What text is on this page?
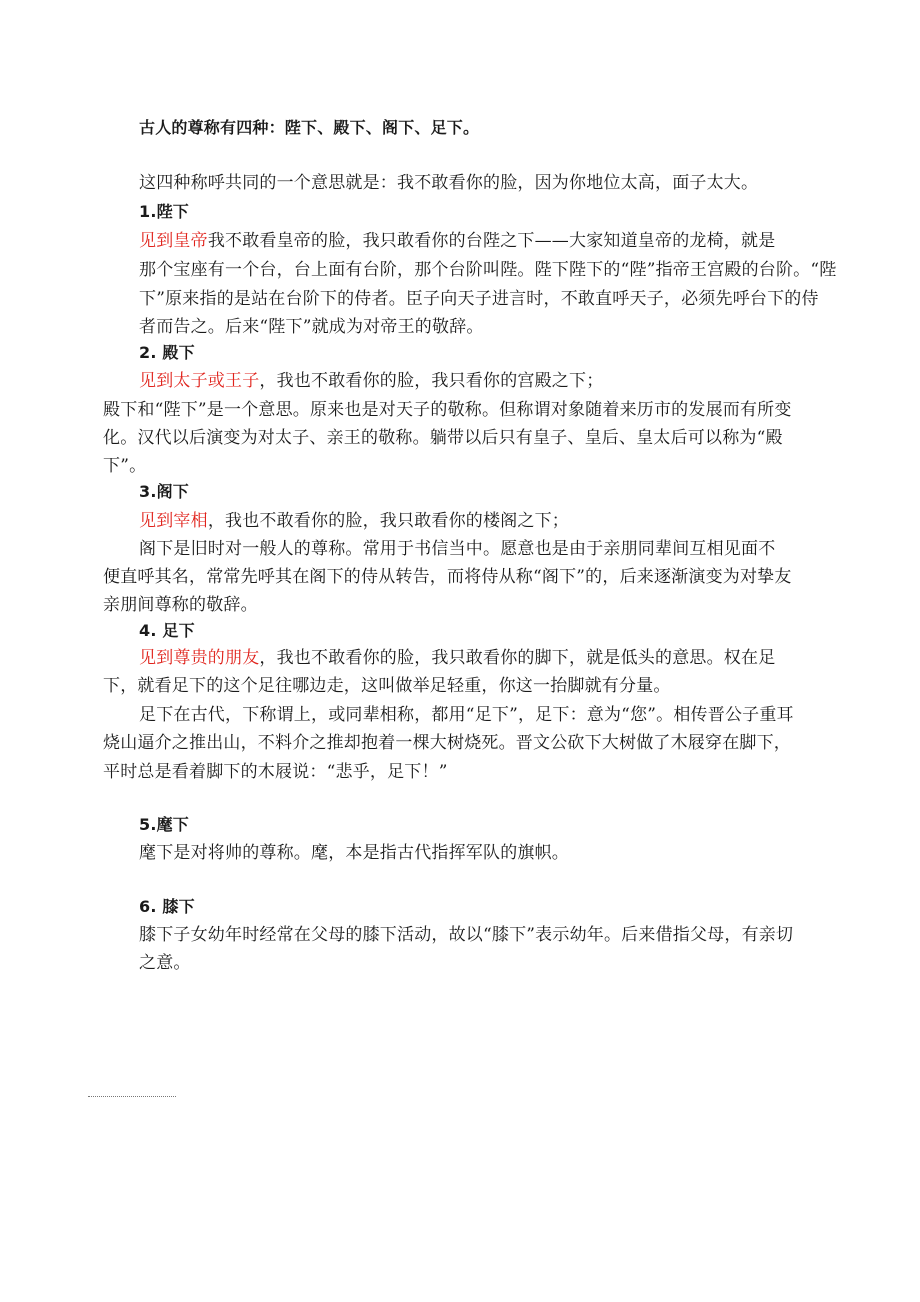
古人的尊称有四种：陛下、殿下、阁下、足下。
这四种称呼共同的一个意思就是：我不敢看你的脸，因为你地位太高，面子太大。
1.陛下
见到皇帝我不敢看皇帝的脸，我只敢看你的台陛之下——大家知道皇帝的龙椅，就是
那个宝座有一个台，台上面有台阶，那个台阶叫陛。陛下陛下的“陛”指帝王宫殿的台阶。“陛
下”原来指的是站在台阶下的侍者。臣子向天子进言时，不敢直呼天子，必须先呼台下的侍
者而告之。后来“陛下”就成为对帝王的敬辞。
2. 殿下
见到太子或王子，我也不敢看你的脸，我只看你的宫殿之下；
殿下和“陛下”是一个意思。原来也是对天子的敬称。但称谓对象随着来历市的发展而有所变
化。汉代以后演变为对太子、亲王的敬称。躺带以后只有皇子、皇后、皇太后可以称为“殿
下”。
3.阁下
见到宰相，我也不敢看你的脸，我只敢看你的楼阁之下；
阁下是旧时对一般人的尊称。常用于书信当中。愿意也是由于亲朋同辈间互相见面不
便直呼其名，常常先呼其在阁下的侍从转告，而将侍从称“阁下”的，后来逐渐演变为对挚友
亲朋间尊称的敬辞。
4. 足下
见到尊贵的朋友，我也不敢看你的脸，我只敢看你的脚下，就是低头的意思。权在足
下，就看足下的这个足往哪边走，这叫做举足轻重，你这一抬脚就有分量。
足下在古代，下称谓上，或同辈相称，都用“足下”，足下：意为“您”。相传晋公子重耳
烧山逼介之推出山，不料介之推却抱着一棵大树烧死。晋文公砍下大树做了木屐穿在脚下，
平时总是看着脚下的木屐说：“悲乎，足下！”
5.麾下
麾下是对将帅的尊称。麾，本是指古代指挥军队的旗帜。
6. 膝下
膝下子女幼年时经常在父母的膝下活动，故以“膝下”表示幼年。后来借指父母，有亲切
之意。
